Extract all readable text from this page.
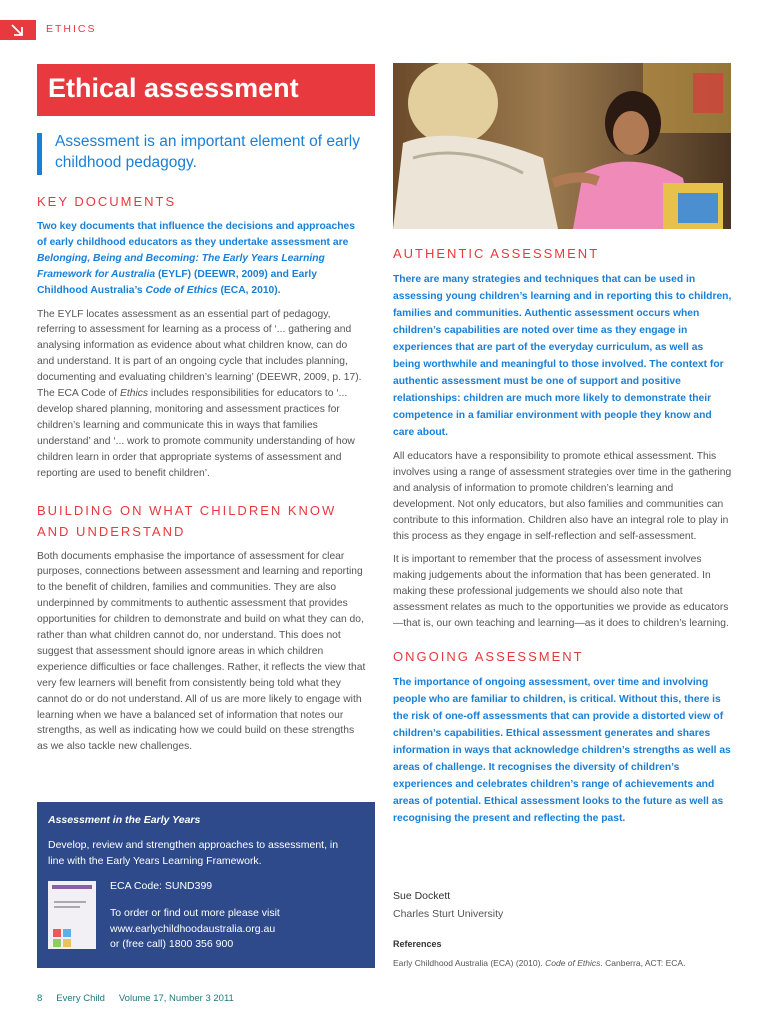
ETHICS
Ethical assessment

Assessment is an important element of early childhood pedagogy.

KEY DOCUMENTS

Two key documents that influence the decisions and approaches of early childhood educators as they undertake assessment are Belonging, Being and Becoming: The Early Years Learning Framework for Australia (EYLF) (DEEWR, 2009) and Early Childhood Australia’s Code of Ethics (ECA, 2010).

The EYLF locates assessment as an essential part of pedagogy, referring to assessment for learning as a process of ‘... gathering and analysing information as evidence about what children know, can do and understand. It is part of an ongoing cycle that includes planning, documenting and evaluating children’s learning’ (DEEWR, 2009, p. 17). The ECA Code of Ethics includes responsibilities for educators to ‘... develop shared planning, monitoring and assessment practices for children’s learning and communicate this in ways that families understand’ and ‘... work to promote community understanding of how children learn in order that appropriate systems of assessment and reporting are used to benefit children’.

BUILDING ON WHAT CHILDREN KNOW AND UNDERSTAND

Both documents emphasise the importance of assessment for clear purposes, connections between assessment and learning and reporting to the benefit of children, families and communities. They are also underpinned by commitments to authentic assessment that provides opportunities for children to demonstrate and build on what they can do, rather than what children cannot do, nor understand. This does not suggest that assessment should ignore areas in which children experience difficulties or face challenges. Rather, it reflects the view that very few learners will benefit from consistently being told what they cannot do or do not understand. All of us are more likely to engage with learning when we have a balanced set of information that notes our strengths, as well as indicating how we could build on these strengths as we also tackle new challenges.

Assessment in the Early Years
Develop, review and strengthen approaches to assessment, in line with the Early Years Learning Framework.
ECA Code: SUND399
To order or find out more please visit
www.earlychildhoodaustralia.org.au
or (free call) 1800 356 900
AUTHENTIC ASSESSMENT

There are many strategies and techniques that can be used in assessing young children’s learning and in reporting this to children, families and communities. Authentic assessment occurs when children’s capabilities are noted over time as they engage in experiences that are part of the everyday curriculum, as well as being worthwhile and meaningful to those involved. The context for authentic assessment must be one of support and positive relationships: children are much more likely to demonstrate their competence in a familiar environment with people they know and care about.

All educators have a responsibility to promote ethical assessment. This involves using a range of assessment strategies over time in the gathering and analysis of information to promote children’s learning and development. Not only educators, but also families and communities can contribute to this information. Children also have an integral role to play in this process as they engage in self-reflection and self-assessment.

It is important to remember that the process of assessment involves making judgements about the information that has been generated. In making these professional judgements we should also note that assessment relates as much to the opportunities we provide as educators—that is, our own teaching and learning—as it does to children’s learning.

ONGOING ASSESSMENT

The importance of ongoing assessment, over time and involving people who are familiar to children, is critical. Without this, there is the risk of one-off assessments that can provide a distorted view of children’s capabilities. Ethical assessment generates and shares information in ways that acknowledge children’s strengths as well as areas of challenge. It recognises the diversity of children’s experiences and celebrates children’s range of achievements and areas of potential. Ethical assessment looks to the future as well as recognising the present and reflecting the past.

Sue Dockett
Charles Sturt University
References
Early Childhood Australia (ECA) (2010). Code of Ethics. Canberra, ACT: ECA.
8 Every Child Volume 17, Number 3 2011
